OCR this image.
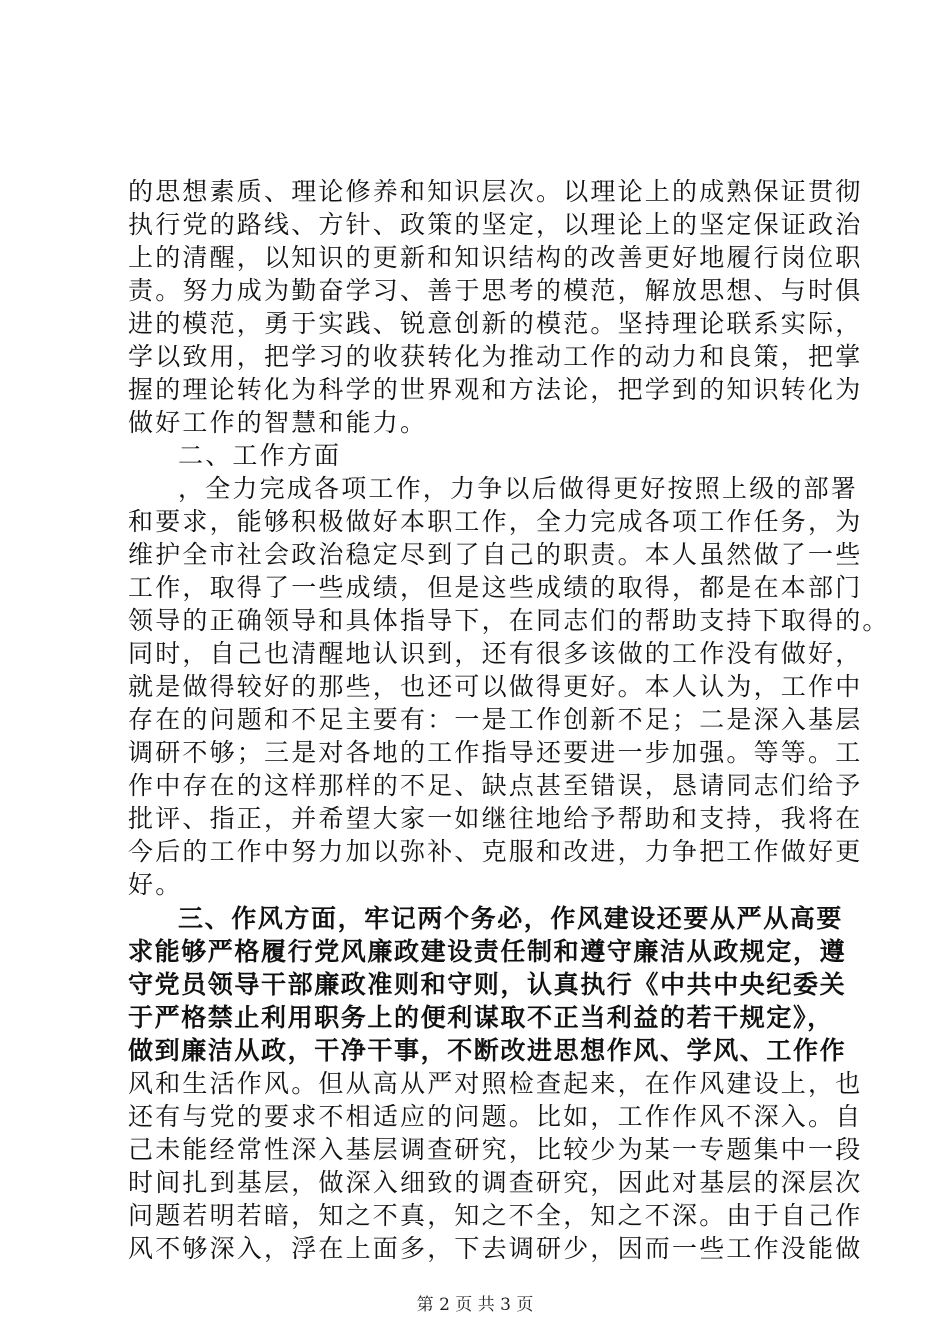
的思想素质、理论修养和知识层次。以理论上的成熟保证贯彻
执行党的路线、方针、政策的坚定，以理论上的坚定保证政治
上的清醒，以知识的更新和知识结构的改善更好地履行岗位职
责。努力成为勤奋学习、善于思考的模范，解放思想、与时俱
进的模范，勇于实践、锐意创新的模范。坚持理论联系实际，
学以致用，把学习的收获转化为推动工作的动力和良策，把掌
握的理论转化为科学的世界观和方法论，把学到的知识转化为
做好工作的智慧和能力。
二、工作方面
，全力完成各项工作，力争以后做得更好按照上级的部署
和要求，能够积极做好本职工作，全力完成各项工作任务，为
维护全市社会政治稳定尽到了自己的职责。本人虽然做了一些
工作，取得了一些成绩，但是这些成绩的取得，都是在本部门
领导的正确领导和具体指导下，在同志们的帮助支持下取得的。
同时，自己也清醒地认识到，还有很多该做的工作没有做好，
就是做得较好的那些，也还可以做得更好。本人认为，工作中
存在的问题和不足主要有：一是工作创新不足；二是深入基层
调研不够；三是对各地的工作指导还要进一步加强。等等。工
作中存在的这样那样的不足、缺点甚至错误，恳请同志们给予
批评、指正，并希望大家一如继往地给予帮助和支持，我将在
今后的工作中努力加以弥补、克服和改进，力争把工作做好更
好。
三、作风方面，牢记两个务必，作风建设还要从严从高要
求能够严格履行党风廉政建设责任制和遵守廉洁从政规定，遵
守党员领导干部廉政准则和守则，认真执行《中共中央纪委关
于严格禁止利用职务上的便利谋取不正当利益的若干规定》，
做到廉洁从政，干净干事，不断改进思想作风、学风、工作作
风和生活作风。但从高从严对照检查起来，在作风建设上，也
还有与党的要求不相适应的问题。比如，工作作风不深入。自
己未能经常性深入基层调查研究，比较少为某一专题集中一段
时间扎到基层，做深入细致的调查研究，因此对基层的深层次
问题若明若暗，知之不真，知之不全，知之不深。由于自己作
风不够深入，浮在上面多，下去调研少，因而一些工作没能做
第 2 页 共 3 页
